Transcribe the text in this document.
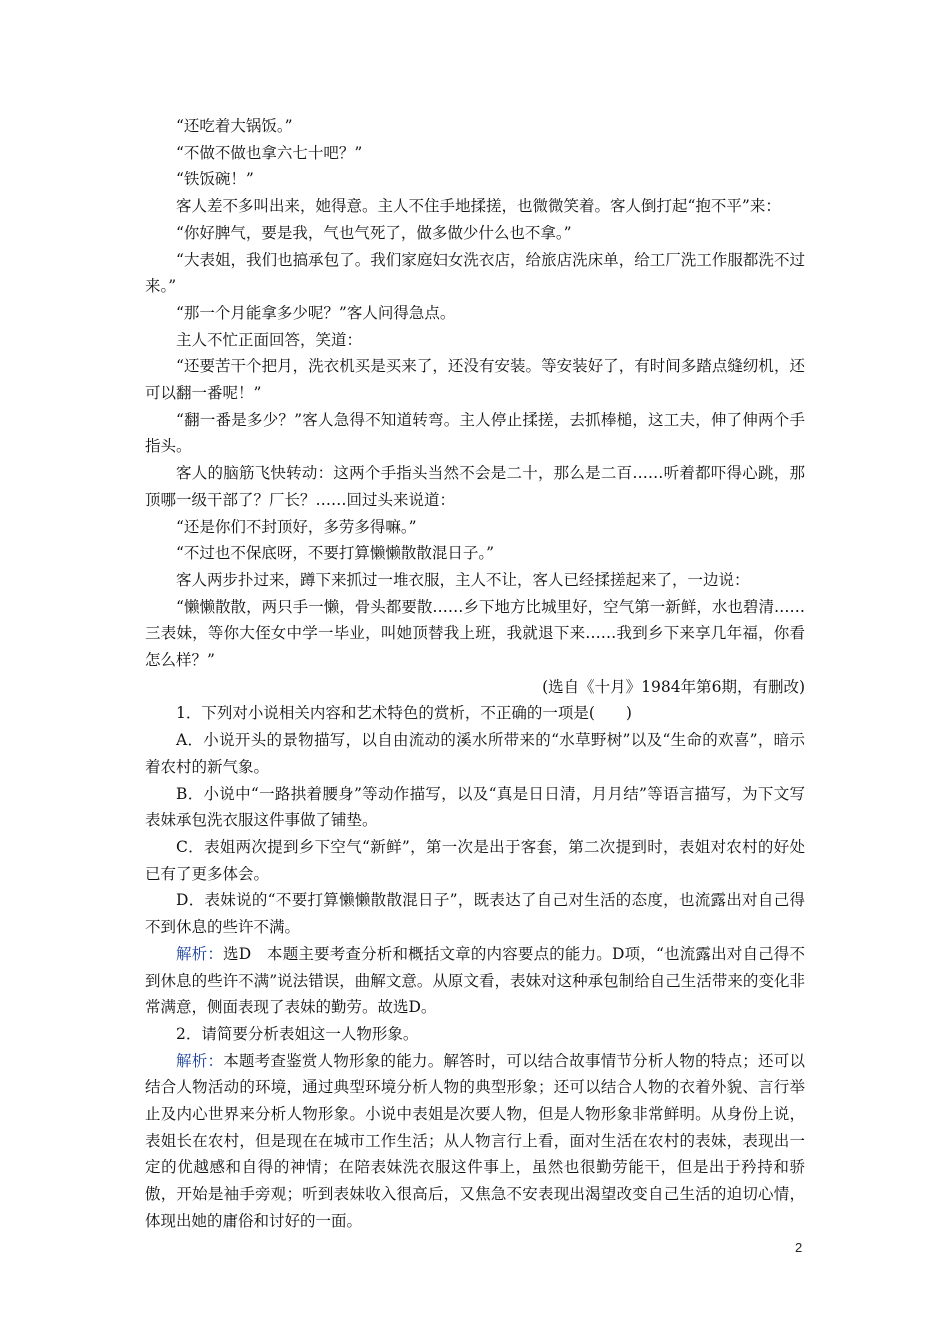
“还吃着大锅饭。”

“不做不做也拿六七十吧？”

“铁饭碗！”

客人差不多叫出来，她得意。主人不住手地揉搓，也微微笑着。客人倒打起“抱不平”来：

“你好脾气，要是我，气也气死了，做多做少什么也不拿。”

“大表姐，我们也搞承包了。我们家庭妇女洗衣店，给旅店洗床单，给工厂洗工作服都洗不过来。”

“那一个月能拿多少呢？”客人问得急点。

主人不忙正面回答，笑道：

“还要苦干个把月，洗衣机买是买来了，还没有安装。等安装好了，有时间多踏点缝纫机，还可以翻一番呢！”

“翻一番是多少？”客人急得不知道转弯。主人停止揉搓，去抓棒槌，这工夫，伸了伸两个手指头。

客人的脑筋飞快转动：这两个手指头当然不会是二十，那么是二百……听着都吓得心跳，那顶哪一级干部了？厂长？……回过头来说道：

“还是你们不封顶好，多劳多得嘛。”

“不过也不保底呀，不要打算懒懒散散混日子。”

客人两步扑过来，蹲下来抓过一堆衣服，主人不让，客人已经揉搓起来了，一边说：

“懒懒散散，两只手一懒，骨头都要散……乡下地方比城里好，空气第一新鲜，水也碧清……三表妹，等你大侄女中学一毕业，叫她顶替我上班，我就退下来……我到乡下来享几年福，你看怎么样？”

(选自《十月》1984年第6期，有删改)

1．下列对小说相关内容和艺术特色的赏析，不正确的一项是(　　)

A．小说开头的景物描写，以自由流动的溪水所带来的“水草野树”以及“生命的欢喜”，暗示着农村的新气象。

B．小说中“一路拱着腰身”等动作描写，以及“真是日日清，月月结”等语言描写，为下文写表妹承包洗衣服这件事做了铺垫。

C．表姐两次提到乡下空气“新鲜”，第一次是出于客套，第二次提到时，表姐对农村的好处已有了更多体会。

D．表妹说的“不要打算懒懒散散混日子”，既表达了自己对生活的态度，也流露出对自己得不到休息的些许不满。

解析：选D　本题主要考查分析和概括文章的内容要点的能力。D项，“也流露出对自己得不到休息的些许不满”说法错误，曲解文意。从原文看，表妹对这种承包制给自己生活带来的变化非常满意，侧面表现了表妹的勤劳。故选D。

2．请简要分析表姐这一人物形象。

解析：本题考查鉴赏人物形象的能力。解答时，可以结合故事情节分析人物的特点；还可以结合人物活动的环境，通过典型环境分析人物的典型形象；还可以结合人物的衣着外貌、言行举止及内心世界来分析人物形象。小说中表姐是次要人物，但是人物形象非常鲜明。从身份上说，表姐长在农村，但是现在在城市工作生活；从人物言行上看，面对生活在农村的表妹，表现出一定的优越感和自得的神情；在陪表妹洗衣服这件事上，虽然也很勤劳能干，但是出于矜持和骄傲，开始是袖手旁观；听到表妹收入很高后，又焦急不安表现出渴望改变自己生活的迫切心情，体现出她的庸俗和讨好的一面。

2
